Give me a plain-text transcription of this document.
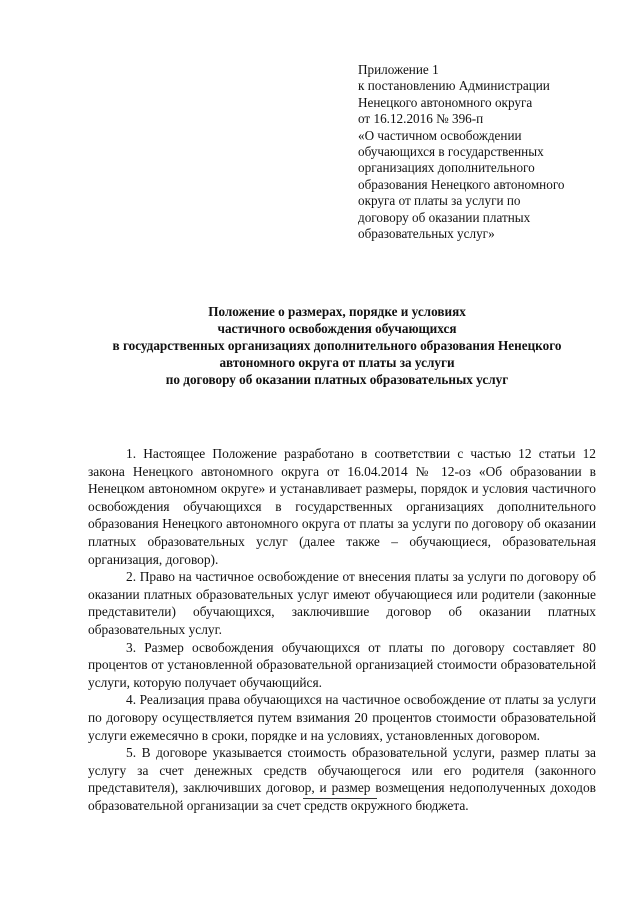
Приложение 1
к постановлению Администрации
Ненецкого автономного округа
от 16.12.2016 № 396-п
«О частичном освобождении
обучающихся в государственных
организациях дополнительного
образования Ненецкого автономного
округа от платы за услуги по
договору об оказании платных
образовательных услуг»
Положение о размерах, порядке и условиях
частичного освобождения обучающихся
в государственных организациях дополнительного образования Ненецкого
автономного округа от платы за услуги
по договору об оказании платных образовательных услуг

1. Настоящее Положение разработано в соответствии с частью 12 статьи 12 закона Ненецкого автономного округа от 16.04.2014 № 12-оз «Об образовании в Ненецком автономном округе» и устанавливает размеры, порядок и условия частичного освобождения обучающихся в государственных организациях дополнительного образования Ненецкого автономного округа от платы за услуги по договору об оказании платных образовательных услуг (далее также – обучающиеся, образовательная организация, договор).

2. Право на частичное освобождение от внесения платы за услуги по договору об оказании платных образовательных услуг имеют обучающиеся или родители (законные представители) обучающихся, заключившие договор об оказании платных образовательных услуг.

3. Размер освобождения обучающихся от платы по договору составляет 80 процентов от установленной образовательной организацией стоимости образовательной услуги, которую получает обучающийся.

4. Реализация права обучающихся на частичное освобождение от платы за услуги по договору осуществляется путем взимания 20 процентов стоимости образовательной услуги ежемесячно в сроки, порядке и на условиях, установленных договором.

5. В договоре указывается стоимость образовательной услуги, размер платы за услугу за счет денежных средств обучающегося или его родителя (законного представителя), заключивших договор, и размер возмещения недополученных доходов образовательной организации за счет средств окружного бюджета.
